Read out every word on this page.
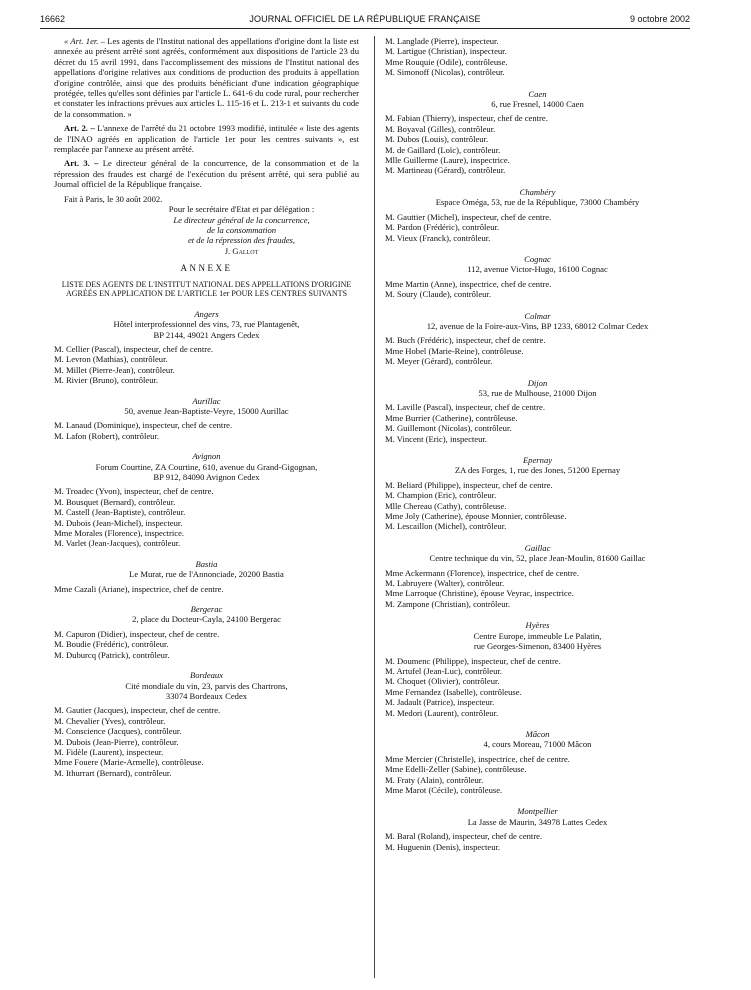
16662	JOURNAL OFFICIEL DE LA RÉPUBLIQUE FRANÇAISE	9 octobre 2002

« Art. 1er. – Les agents de l'Institut national des appellations d'origine dont la liste est annexée au présent arrêté sont agréés, conformément aux dispositions de l'article 23 du décret du 15 avril 1991, dans l'accomplissement des missions de l'Institut national des appellations d'origine relatives aux conditions de production des produits à appellation d'origine contrôlée, ainsi que des produits bénéficiant d'une indication géographique protégée, telles qu'elles sont définies par l'article L. 641-6 du code rural, pour rechercher et constater les infractions prévues aux articles L. 115-16 et L. 213-1 et suivants du code de la consommation. »

Art. 2. – L'annexe de l'arrêté du 21 octobre 1993 modifié, intitulée « liste des agents de l'INAO agréés en application de l'article 1er pour les centres suivants », est remplacée par l'annexe au présent arrêté.

Art. 3. – Le directeur général de la concurrence, de la consommation et de la répression des fraudes est chargé de l'exécution du présent arrêté, qui sera publié au Journal officiel de la République française.

Fait à Paris, le 30 août 2002.

Pour le secrétaire d'Etat et par délégation :

Le directeur général de la concurrence,

de la consommation

et de la répression des fraudes,

J. Gallot

ANNEXE

LISTE DES AGENTS DE L'INSTITUT NATIONAL DES APPELLATIONS D'ORIGINE AGRÉÉS EN APPLICATION DE L'ARTICLE 1er POUR LES CENTRES SUIVANTS

Angers

Hôtel interprofessionnel des vins, 73, rue Plantagenêt,

BP 2144, 49021 Angers Cedex

M. Cellier (Pascal), inspecteur, chef de centre.

M. Levron (Mathias), contrôleur.

M. Millet (Pierre-Jean), contrôleur.

M. Rivier (Bruno), contrôleur.

Aurillac

50, avenue Jean-Baptiste-Veyre, 15000 Aurillac

M. Lanaud (Dominique), inspecteur, chef de centre.

M. Lafon (Robert), contrôleur.

Avignon

Forum Courtine, ZA Courtine, 610, avenue du Grand-Gigognan,

BP 912, 84090 Avignon Cedex

M. Troadec (Yvon), inspecteur, chef de centre.

M. Bousquet (Bernard), contrôleur.

M. Castell (Jean-Baptiste), contrôleur.

M. Dubois (Jean-Michel), inspecteur.

Mme Morales (Florence), inspectrice.

M. Varlet (Jean-Jacques), contrôleur.

Bastia

Le Murat, rue de l'Annonciade, 20200 Bastia

Mme Cazali (Ariane), inspectrice, chef de centre.

Bergerac

2, place du Docteur-Cayla, 24100 Bergerac

M. Capuron (Didier), inspecteur, chef de centre.

M. Boudie (Frédéric), contrôleur.

M. Duburcq (Patrick), contrôleur.

Bordeaux

Cité mondiale du vin, 23, parvis des Chartrons,

33074 Bordeaux Cedex

M. Gautier (Jacques), inspecteur, chef de centre.

M. Chevalier (Yves), contrôleur.

M. Conscience (Jacques), contrôleur.

M. Dubois (Jean-Pierre), contrôleur.

M. Fidèle (Laurent), inspecteur.

Mme Fouere (Marie-Armelle), contrôleuse.

M. Ithurrart (Bernard), contrôleur.

M. Langlade (Pierre), inspecteur.

M. Lartigue (Christian), inspecteur.

Mme Rouquie (Odile), contrôleuse.

M. Simonoff (Nicolas), contrôleur.

Caen

6, rue Fresnel, 14000 Caen

M. Fabian (Thierry), inspecteur, chef de centre.

M. Boyaval (Gilles), contrôleur.

M. Dubos (Louis), contrôleur.

M. de Gaillard (Loïc), contrôleur.

Mlle Guillerme (Laure), inspectrice.

M. Martineau (Gérard), contrôleur.

Chambéry

Espace Oméga, 53, rue de la République, 73000 Chambéry

M. Gauttier (Michel), inspecteur, chef de centre.

M. Pardon (Frédéric), contrôleur.

M. Vieux (Franck), contrôleur.

Cognac

112, avenue Victor-Hugo, 16100 Cognac

Mme Martin (Anne), inspectrice, chef de centre.

M. Soury (Claude), contrôleur.

Colmar

12, avenue de la Foire-aux-Vins, BP 1233, 68012 Colmar Cedex

M. Buch (Frédéric), inspecteur, chef de centre.

Mme Hobel (Marie-Reine), contrôleuse.

M. Meyer (Gérard), contrôleur.

Dijon

53, rue de Mulhouse, 21000 Dijon

M. Laville (Pascal), inspecteur, chef de centre.

Mme Burrier (Catherine), contrôleuse.

M. Guillemont (Nicolas), contrôleur.

M. Vincent (Eric), inspecteur.

Epernay

ZA des Forges, 1, rue des Jones, 51200 Epernay

M. Beliard (Philippe), inspecteur, chef de centre.

M. Champion (Eric), contrôleur.

Mlle Chereau (Cathy), contrôleuse.

Mme Joly (Catherine), épouse Monnier, contrôleuse.

M. Lescaillon (Michel), contrôleur.

Gaillac

Centre technique du vin, 52, place Jean-Moulin, 81600 Gaillac

Mme Ackermann (Florence), inspectrice, chef de centre.

M. Labruyere (Walter), contrôleur.

Mme Larroque (Christine), épouse Veyrac, inspectrice.

M. Zampone (Christian), contrôleur.

Hyères

Centre Europe, immeuble Le Palatin,

rue Georges-Simenon, 83400 Hyères

M. Doumenc (Philippe), inspecteur, chef de centre.

M. Artufel (Jean-Luc), contrôleur.

M. Choquet (Olivier), contrôleur.

Mme Fernandez (Isabelle), contrôleuse.

M. Jadault (Patrice), inspecteur.

M. Medori (Laurent), contrôleur.

Mâcon

4, cours Moreau, 71000 Mâcon

Mme Mercier (Christelle), inspectrice, chef de centre.

Mme Edelli-Zeller (Sabine), contrôleuse.

M. Fraty (Alain), contrôleur.

Mme Marot (Cécile), contrôleuse.

Montpellier

La Jasse de Maurin, 34978 Lattes Cedex

M. Baral (Roland), inspecteur, chef de centre.

M. Huguenin (Denis), inspecteur.
